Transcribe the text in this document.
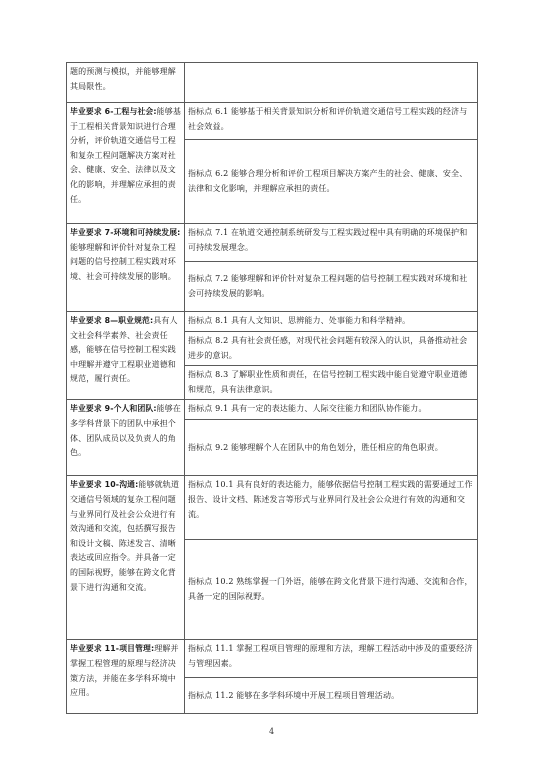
题的预测与模拟，并能够理解其局限性。	
毕业要求 6-工程与社会:能够基于工程相关背景知识进行合理分析，评价轨道交通信号工程和复杂工程问题解决方案对社会、健康、安全、法律以及文化的影响，并理解应承担的责任。	指标点 6.1 能够基于相关背景知识分析和评价轨道交通信号工程实践的经济与社会效益。
	指标点 6.2 能够合理分析和评价工程项目解决方案产生的社会、健康、安全、法律和文化影响，并理解应承担的责任。
毕业要求 7-环境和可持续发展:能够理解和评价针对复杂工程问题的信号控制工程实践对环境、社会可持续发展的影响。	指标点 7.1 在轨道交通控制系统研发与工程实践过程中具有明确的环境保护和可持续发展理念。
	指标点 7.2 能够理解和评价针对复杂工程问题的信号控制工程实践对环境和社会可持续发展的影响。
毕业要求 8—职业规范:具有人文社会科学素养、社会责任感，能够在信号控制工程实践中理解并遵守工程职业道德和规范，履行责任。	指标点 8.1 具有人文知识、思辨能力、处事能力和科学精神。
	指标点 8.2 具有社会责任感，对现代社会问题有较深入的认识，具备推动社会进步的意识。
	指标点 8.3 了解职业性质和责任，在信号控制工程实践中能自觉遵守职业道德和规范，具有法律意识。
毕业要求 9-个人和团队:能够在多学科背景下的团队中承担个体、团队成员以及负责人的角色。	指标点 9.1 具有一定的表达能力、人际交往能力和团队协作能力。
	指标点 9.2 能够理解个人在团队中的角色划分，胜任相应的角色职责。
毕业要求 10-沟通:能够就轨道交通信号领域的复杂工程问题与业界同行及社会公众进行有效沟通和交流，包括撰写报告和设计文稿、陈述发言、清晰表达或回应指令。并具备一定的国际视野，能够在跨文化背景下进行沟通和交流。	指标点 10.1 具有良好的表达能力，能够依据信号控制工程实践的需要通过工作报告、设计文档、陈述发言等形式与业界同行及社会公众进行有效的沟通和交流。
	指标点 10.2 熟练掌握一门外语，能够在跨文化背景下进行沟通、交流和合作，具备一定的国际视野。
毕业要求 11-项目管理:理解并掌握工程管理的原理与经济决策方法，并能在多学科环境中应用。	指标点 11.1 掌握工程项目管理的原理和方法，理解工程活动中涉及的重要经济与管理因素。
	指标点 11.2 能够在多学科环境中开展工程项目管理活动。
4
